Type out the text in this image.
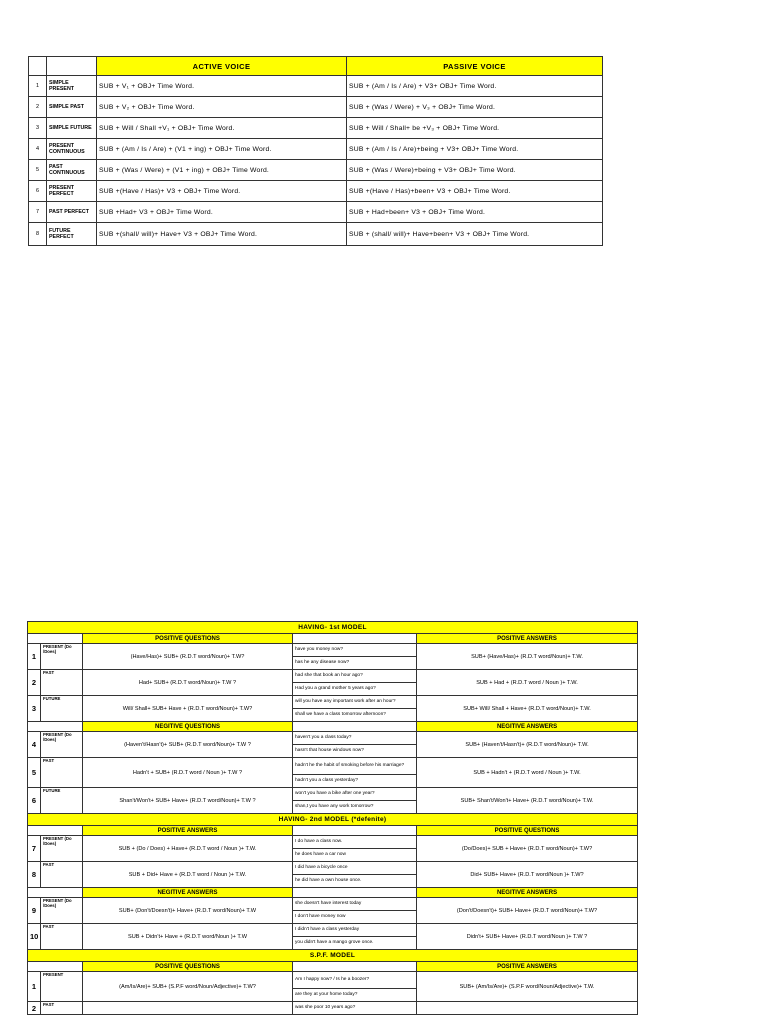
		ACTIVE VOICE	PASSIVE VOICE
1	SIMPLE PRESENT	SUB + V₁ + OBJ+ Time Word.	SUB + (Am / Is / Are) + V3+ OBJ+ Time Word.
2	SIMPLE PAST	SUB + V₂ + OBJ+ Time Word.	SUB + (Was / Were) + V₃ + OBJ+ Time Word.
3	SIMPLE FUTURE	SUB + Will / Shall +V₁ + OBJ+ Time Word.	SUB + Will / Shall+ be +V₃ + OBJ+ Time Word.
4	PRESENT CONTINUOUS	SUB + (Am / Is / Are) + (V1 + ing) + OBJ+ Time Word.	SUB + (Am / Is / Are)+being + V3+ OBJ+ Time Word.
5	PAST CONTINUOUS	SUB + (Was / Were) + (V1 + ing) + OBJ+ Time Word.	SUB + (Was / Were)+being + V3+ OBJ+ Time Word.
6	PRESENT PERFECT	SUB +(Have / Has)+ V3 + OBJ+ Time Word.	SUB +(Have / Has)+been+ V3 + OBJ+ Time Word.
7	PAST PERFECT	SUB +Had+ V3 + OBJ+ Time Word.	SUB + Had+been+ V3 + OBJ+ Time Word.
8	FUTURE PERFECT	SUB +(shall/ will)+ Have+ V3 + OBJ+ Time Word.	SUB + (shall/ will)+ Have+been+ V3 + OBJ+ Time Word.
HAVING- 1st MODEL				
		POSITIVE QUESTIONS		POSITIVE ANSWERS
1	PRESENT (Do /Does)	(Have/Has)+ SUB+ (R.D.T word/Noun)+ T.W?	have you money now?	SUB+ (Have/Has)+ (R.D.T word/Noun)+ T.W.
			has he any disease now?	
2	PAST	Had+ SUB+ (R.D.T word/Noun)+ T.W ?	had she that book an hour ago?	SUB + Had + (R.D.T word / Noun )+ T.W.
			Had you a grand mother 5 years ago?	
3	FUTURE	Will/ Shall+ SUB+ Have + (R.D.T word/Noun)+ T.W?	will you have any important work after an hour?	SUB+ Will/ Shall + Have+ (R.D.T word/Noun)+ T.W.
			shall we have a class tomorrow afternoon?	
		NEGITIVE QUESTIONS		NEGITIVE ANSWERS
4	PRESENT (Do /Does)	(Haven't/Hasn't)+ SUB+ (R.D.T word/Noun)+ T.W ?	haven't you a class today?	SUB+ (Haven't/Hasn't)+ (R.D.T word/Noun)+ T.W.
			hasn't that house windows now?	
5	PAST	Hadn't + SUB+ (R.D.T word / Noun )+ T.W ?	hadn't he the habit of smoking before his marriage?	SUB + Hadn't + (R.D.T word / Noun )+ T.W.
			hadn't you a class yesterday?	
6	FUTURE	Shan't/Won't+ SUB+ Have+ (R.D.T word/Noun)+ T.W ?	won't you have a bike after one year?	SUB+ Shan't/Won't+ Have+ (R.D.T word/Noun)+ T.W.
			shan,t you have any work tomorrow?	
HAVING- 2nd MODEL (*defenite)				
		POSITIVE ANSWERS		POSITIVE QUESTIONS
7	PRESENT (Do /Does)	SUB + (Do / Does) + Have+ (R.D.T word / Noun )+ T.W.	I do have a class now.	(Do/Does)+ SUB + Have+ (R.D.T word/Noun)+ T.W?
			he does have a car now	
8	PAST	SUB + Did+ Have + (R.D.T word / Noun )+ T.W.	I did have a bicycle once	Did+ SUB+ Have+ (R.D.T word/Noun )+ T.W?
			he did have a own house once.	
		NEGITIVE ANSWERS		NEGITIVE ANSWERS
9	PRESENT (Do /Does)	SUB+ (Don't/Doesn't)+ Have+ (R.D.T word/Noun)+ T.W	she doesn't have interest today	(Don't/Doesn't)+ SUB+ Have+ (R.D.T word/Noun)+ T.W?
			I don't have money now	
10	PAST	SUB + Didn't+ Have + (R.D.T word/Noun )+ T.W	I didn't have a class yesterday	Didn't+ SUB+ Have+ (R.D.T word/Noun )+ T.W ?
			you didn't have a mango grove once.	
S.P.F. MODEL				
		POSITIVE QUESTIONS		POSITIVE ANSWERS
1	PRESENT	(Am/Is/Are)+ SUB+ (S.P.F word/Noun/Adjective)+ T.W?	Am I happy now? / Is he a boozer?	SUB+ (Am/Is/Are)+ (S.P.F word/Noun/Adjective)+ T.W.
			are they at your home today?	
2	PAST		was she poor 10 years ago?	
